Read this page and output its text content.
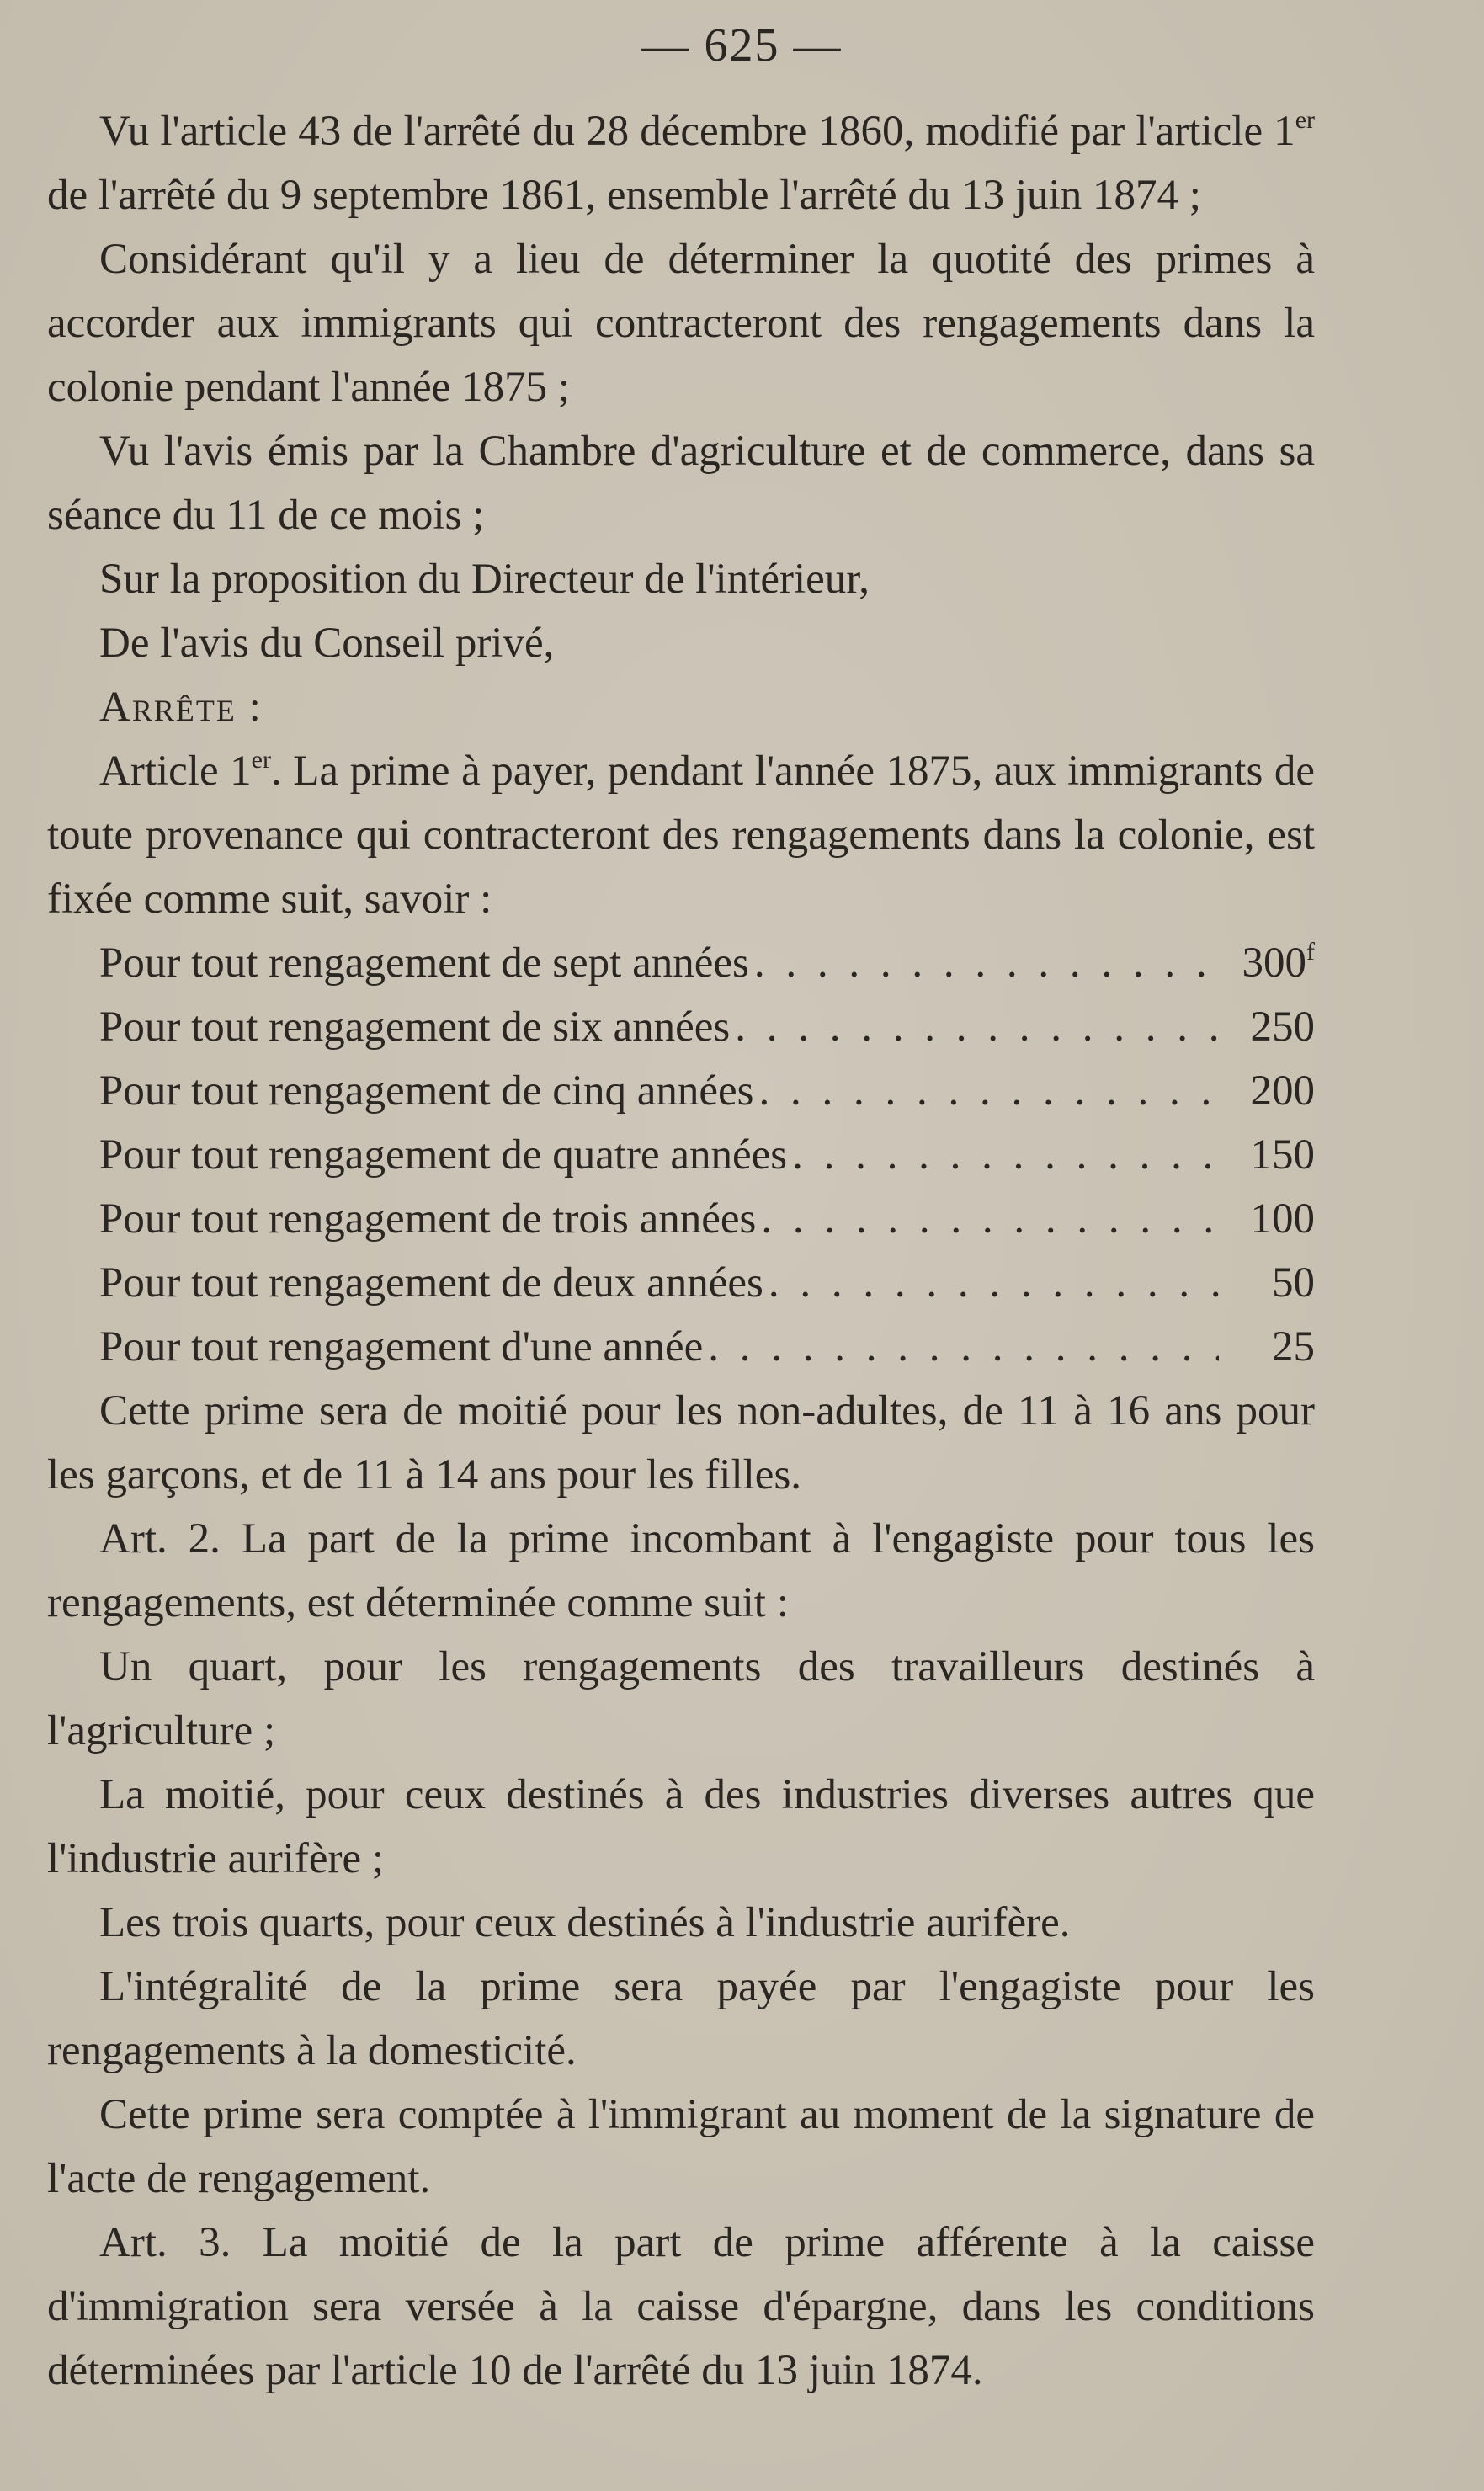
— 625 —

Vu l'article 43 de l'arrêté du 28 décembre 1860, modifié par l'article 1er de l'arrêté du 9 septembre 1861, ensemble l'arrêté du 13 juin 1874 ;

Considérant qu'il y a lieu de déterminer la quotité des primes à accorder aux immigrants qui contracteront des rengagements dans la colonie pendant l'année 1875 ;

Vu l'avis émis par la Chambre d'agriculture et de commerce, dans sa séance du 11 de ce mois ;

Sur la proposition du Directeur de l'intérieur,

De l'avis du Conseil privé,

Arrête :

Article 1er. La prime à payer, pendant l'année 1875, aux immigrants de toute provenance qui contracteront des rengagements dans la colonie, est fixée comme suit, savoir :

Pour tout rengagement de sept années . . .	300$^f$
Pour tout rengagement de six années . . .	250
Pour tout rengagement de cinq années . . .	200
Pour tout rengagement de quatre années . . .	150
Pour tout rengagement de trois années . . .	100
Pour tout rengagement de deux années . . .	50
Pour tout rengagement d'une année . . .	25

Cette prime sera de moitié pour les non-adultes, de 11 à 16 ans pour les garçons, et de 11 à 14 ans pour les filles.

Art. 2. La part de la prime incombant à l'engagiste pour tous les rengagements, est déterminée comme suit :

Un quart, pour les rengagements des travailleurs destinés à l'agriculture ;

La moitié, pour ceux destinés à des industries diverses autres que l'industrie aurifère ;

Les trois quarts, pour ceux destinés à l'industrie aurifère.

L'intégralité de la prime sera payée par l'engagiste pour les rengagements à la domesticité.

Cette prime sera comptée à l'immigrant au moment de la signature de l'acte de rengagement.

Art. 3. La moitié de la part de prime afférente à la caisse d'immigration sera versée à la caisse d'épargne, dans les conditions déterminées par l'article 10 de l'arrêté du 13 juin 1874.
